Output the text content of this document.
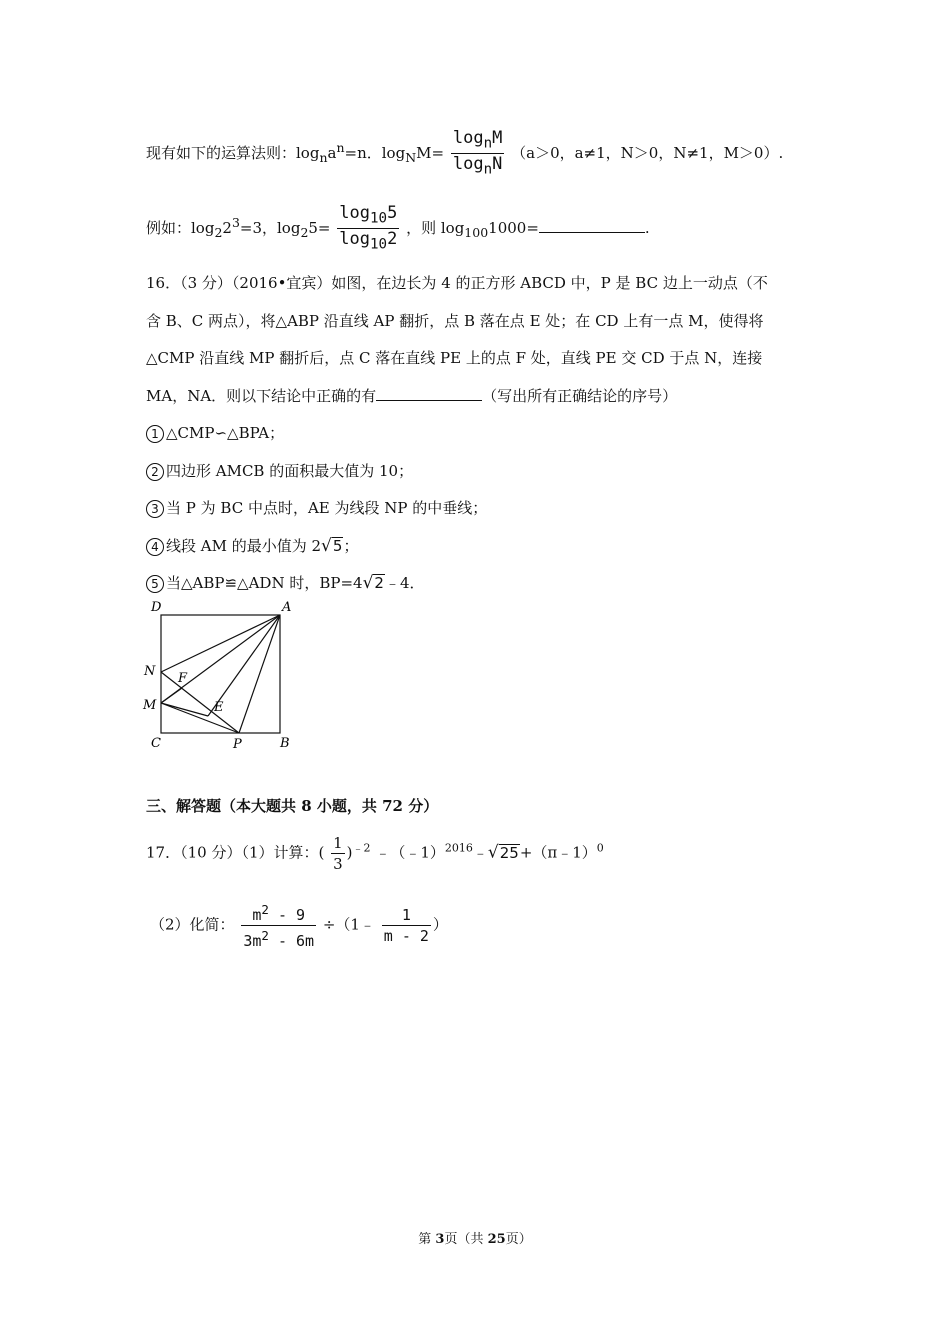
现有如下的运算法则：$\log_na^n=n$．$\log_NM= \frac{\log_nM}{\log_nN} (a>0$，a≠1，N＞0，N≠1，M＞0）.
例如：$\log_22^3=3$，$\log_25= \frac{\log_{10}5}{\log_{10}2}$ ，则 $\log_{100}1000=$	.
16．（3 分）（2016•宜宾）如图，在边长为 4 的正方形 ABCD 中，P 是 BC 边上一动点（不
含 B、C 两点），将△ABP 沿直线 AP 翻折，点 B 落在点 E 处；在 CD 上有一点 M，使得将
△CMP 沿直线 MP 翻折后，点 C 落在直线 PE 上的点 F 处，直线 PE 交 CD 于点 N，连接
MA，NA．则以下结论中正确的有	（写出所有正确结论的序号）
1 △CMP∽△BPA；
2 四边形 AMCB 的面积最大值为 10；
3 当 P 为 BC 中点时，AE 为线段 NP 的中垂线；
4 线段 AM 的最小值为 2√5；
5 当△ABP≌△ADN 时，BP=4√2﹣4．
D	A
N F
M	E
C	P	B
三、解答题（本大题共 8 小题，共 72 分）
17．（10 分）（1）计算：( $\frac{1}{3} )^{﹣2}$ ﹣（﹣1）$^{2016}$﹣√25+（π﹣1）$^0$
（2）化简： $\frac{m^2 - 9}{3m^2 - 6m}$ ÷（1﹣ $\frac{1}{m - 2}$ ）
第 3页（共 25页）
